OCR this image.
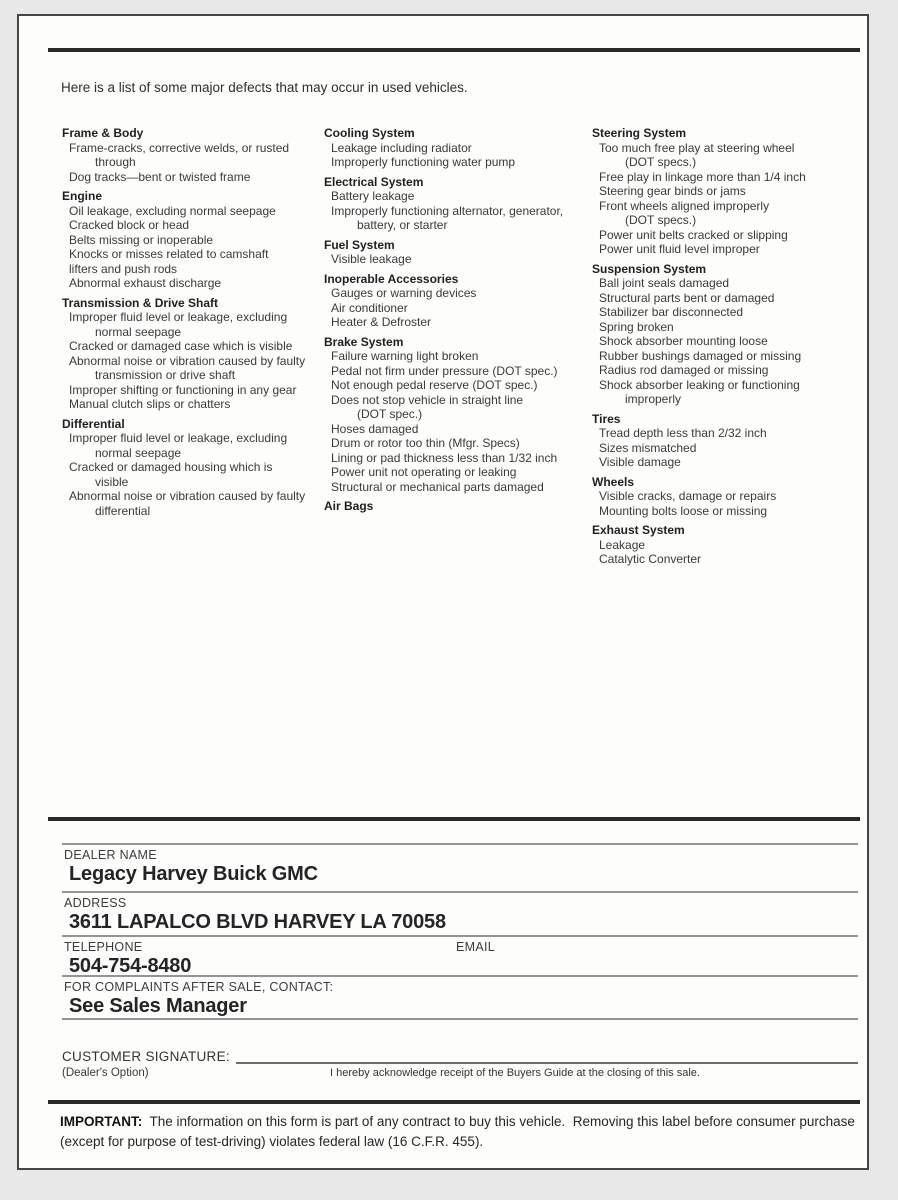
Here is a list of some major defects that may occur in used vehicles.
Frame & Body
Frame-cracks, corrective welds, or rusted
through
Dog tracks—bent or twisted frame
Engine
Oil leakage, excluding normal seepage
Cracked block or head
Belts missing or inoperable
Knocks or misses related to camshaft
lifters and push rods
Abnormal exhaust discharge
Transmission & Drive Shaft
Improper fluid level or leakage, excluding
normal seepage
Cracked or damaged case which is visible
Abnormal noise or vibration caused by faulty
transmission or drive shaft
Improper shifting or functioning in any gear
Manual clutch slips or chatters
Differential
Improper fluid level or leakage, excluding
normal seepage
Cracked or damaged housing which is
visible
Abnormal noise or vibration caused by faulty
differential
Cooling System
Leakage including radiator
Improperly functioning water pump
Electrical System
Battery leakage
Improperly functioning alternator, generator,
battery, or starter
Fuel System
Visible leakage
Inoperable Accessories
Gauges or warning devices
Air conditioner
Heater & Defroster
Brake System
Failure warning light broken
Pedal not firm under pressure (DOT spec.)
Not enough pedal reserve (DOT spec.)
Does not stop vehicle in straight line
(DOT spec.)
Hoses damaged
Drum or rotor too thin (Mfgr. Specs)
Lining or pad thickness less than 1/32 inch
Power unit not operating or leaking
Structural or mechanical parts damaged
Air Bags
Steering System
Too much free play at steering wheel
(DOT specs.)
Free play in linkage more than 1/4 inch
Steering gear binds or jams
Front wheels aligned improperly
(DOT specs.)
Power unit belts cracked or slipping
Power unit fluid level improper
Suspension System
Ball joint seals damaged
Structural parts bent or damaged
Stabilizer bar disconnected
Spring broken
Shock absorber mounting loose
Rubber bushings damaged or missing
Radius rod damaged or missing
Shock absorber leaking or functioning
improperly
Tires
Tread depth less than 2/32 inch
Sizes mismatched
Visible damage
Wheels
Visible cracks, damage or repairs
Mounting bolts loose or missing
Exhaust System
Leakage
Catalytic Converter
DEALER NAME
Legacy Harvey Buick GMC
ADDRESS
3611 LAPALCO BLVD HARVEY LA 70058
TELEPHONE
504-754-8480
EMAIL
FOR COMPLAINTS AFTER SALE, CONTACT:
See Sales Manager
CUSTOMER SIGNATURE:
(Dealer's Option)	I hereby acknowledge receipt of the Buyers Guide at the closing of this sale.
IMPORTANT:  The information on this form is part of any contract to buy this vehicle.  Removing this label before consumer purchase (except for purpose of test-driving) violates federal law (16 C.F.R. 455).
